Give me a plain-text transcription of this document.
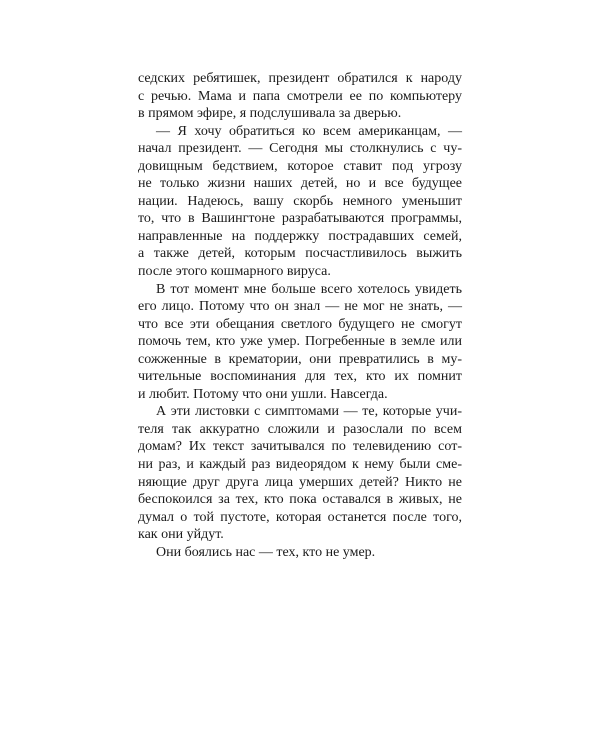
седских ребятишек, президент обратился к народу
с речью. Мама и папа смотрели ее по компьютеру
в прямом эфире, я подслушивала за дверью.
— Я хочу обратиться ко всем американцам, —
начал президент. — Сегодня мы столкнулись с чу-
довищным бедствием, которое ставит под угрозу
не только жизни наших детей, но и все будущее
нации. Надеюсь, вашу скорбь немного уменьшит
то, что в Вашингтоне разрабатываются программы,
направленные на поддержку пострадавших семей,
а также детей, которым посчастливилось выжить
после этого кошмарного вируса.
В тот момент мне больше всего хотелось увидеть
его лицо. Потому что он знал — не мог не знать, —
что все эти обещания светлого будущего не смогут
помочь тем, кто уже умер. Погребенные в земле или
сожженные в крематории, они превратились в му-
чительные воспоминания для тех, кто их помнит
и любит. Потому что они ушли. Навсегда.
А эти листовки с симптомами — те, которые учи-
теля так аккуратно сложили и разослали по всем
домам? Их текст зачитывался по телевидению сот-
ни раз, и каждый раз видеорядом к нему были сме-
няющие друг друга лица умерших детей? Никто не
беспокоился за тех, кто пока оставался в живых, не
думал о той пустоте, которая останется после того,
как они уйдут.
Они боялись нас — тех, кто не умер.
